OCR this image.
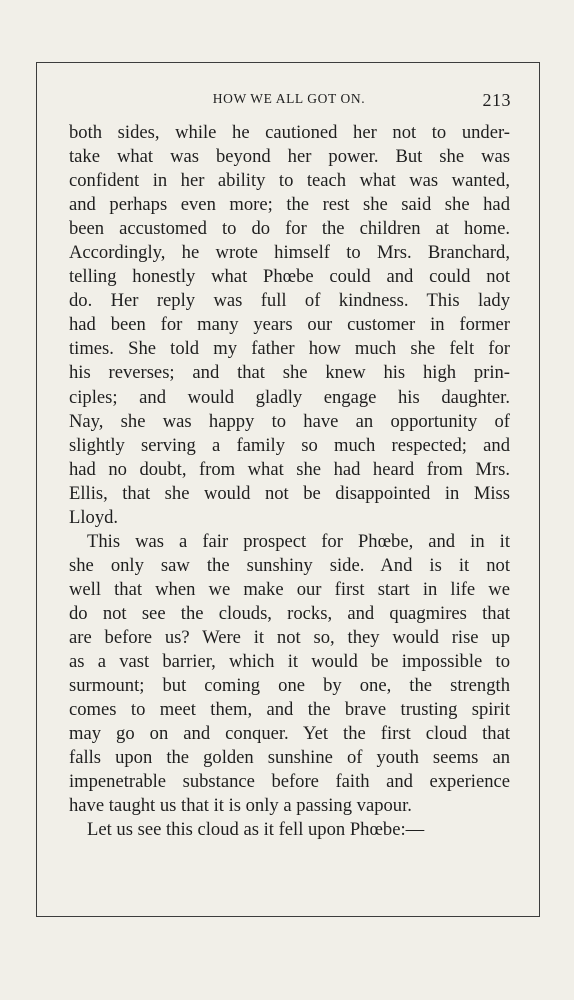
HOW WE ALL GOT ON.	213
both sides, while he cautioned her not to under-
take what was beyond her power. But she was
confident in her ability to teach what was wanted,
and perhaps even more; the rest she said she had
been accustomed to do for the children at home.
Accordingly, he wrote himself to Mrs. Branchard,
telling honestly what Phœbe could and could not
do. Her reply was full of kindness. This lady
had been for many years our customer in former
times. She told my father how much she felt for
his reverses; and that she knew his high prin-
ciples; and would gladly engage his daughter.
Nay, she was happy to have an opportunity of
slightly serving a family so much respected; and
had no doubt, from what she had heard from Mrs.
Ellis, that she would not be disappointed in Miss
Lloyd.
This was a fair prospect for Phœbe, and in it
she only saw the sunshiny side. And is it not
well that when we make our first start in life we
do not see the clouds, rocks, and quagmires that
are before us? Were it not so, they would rise up
as a vast barrier, which it would be impossible to
surmount; but coming one by one, the strength
comes to meet them, and the brave trusting spirit
may go on and conquer. Yet the first cloud that
falls upon the golden sunshine of youth seems an
impenetrable substance before faith and experience
have taught us that it is only a passing vapour.
Let us see this cloud as it fell upon Phœbe:—
